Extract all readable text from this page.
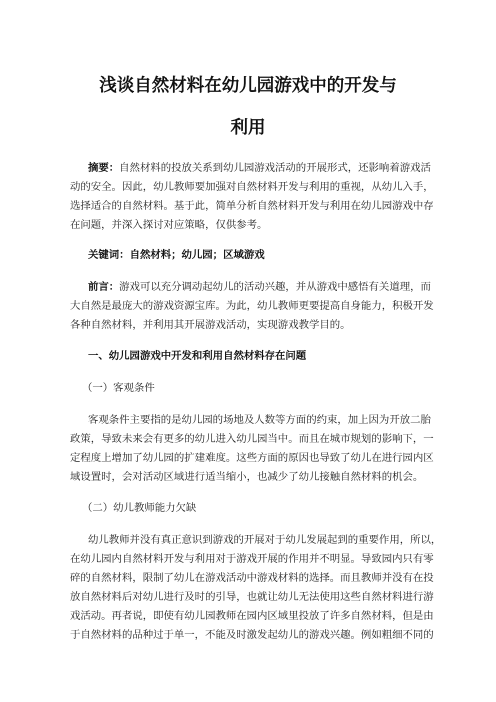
浅谈自然材料在幼儿园游戏中的开发与
利用

摘要：自然材料的投放关系到幼儿园游戏活动的开展形式，还影响着游戏活

动的安全。因此，幼儿教师要加强对自然材料开发与利用的重视，从幼儿入手，

选择适合的自然材料。基于此，简单分析自然材料开发与利用在幼儿园游戏中存

在问题，并深入探讨对应策略，仅供参考。

关键词：自然材料；幼儿园；区域游戏

前言：游戏可以充分调动起幼儿的活动兴趣，并从游戏中感悟有关道理，而

大自然是最庞大的游戏资源宝库。为此，幼儿教师更要提高自身能力，积极开发

各种自然材料，并利用其开展游戏活动，实现游戏教学目的。

一、幼儿园游戏中开发和利用自然材料存在问题

（一）客观条件

客观条件主要指的是幼儿园的场地及人数等方面的约束，加上因为开放二胎

政策，导致未来会有更多的幼儿进入幼儿园当中。而且在城市规划的影响下，一

定程度上增加了幼儿园的扩建难度。这些方面的原因也导致了幼儿在进行园内区

域设置时，会对活动区域进行适当缩小，也减少了幼儿接触自然材料的机会。

（二）幼儿教师能力欠缺

幼儿教师并没有真正意识到游戏的开展对于幼儿发展起到的重要作用，所以，

在幼儿园内自然材料开发与利用对于游戏开展的作用并不明显。导致园内只有零

碎的自然材料，限制了幼儿在游戏活动中游戏材料的选择。而且教师并没有在投

放自然材料后对幼儿进行及时的引导，也就让幼儿无法使用这些自然材料进行游

戏活动。再者说，即使有幼儿园教师在园内区域里投放了许多自然材料，但是由

于自然材料的品种过于单一，不能及时激发起幼儿的游戏兴趣。例如粗细不同的
